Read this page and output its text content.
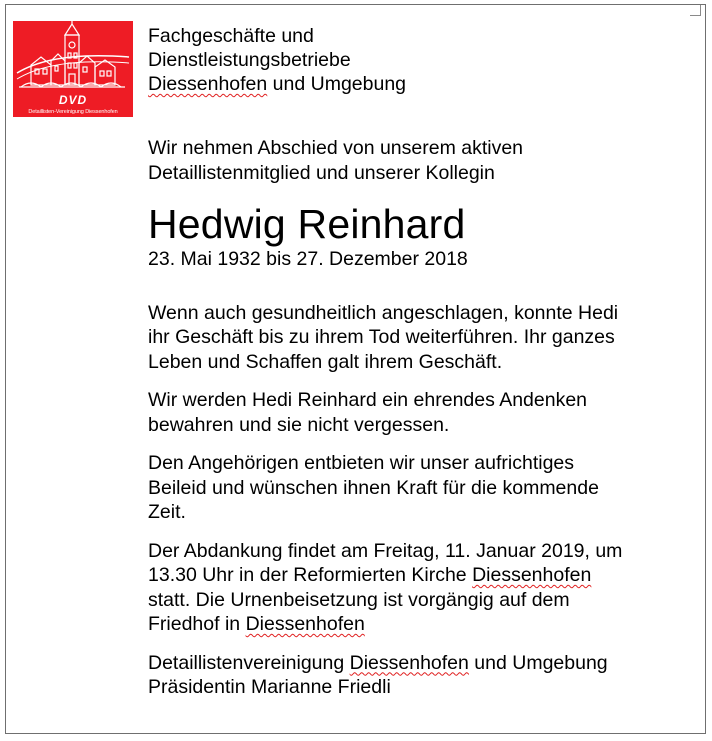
DVD
Detaillisten-Vereinigung Diessenhofen

Fachgeschäfte und

Dienstleistungsbetriebe

Diessenhofen und Umgebung

Wir nehmen Abschied von unserem aktiven

Detaillistenmitglied und unserer Kollegin

Hedwig Reinhard

23. Mai 1932 bis 27. Dezember 2018

Wenn auch gesundheitlich angeschlagen, konnte Hedi

ihr Geschäft bis zu ihrem Tod weiterführen. Ihr ganzes

Leben und Schaffen galt ihrem Geschäft.

Wir werden Hedi Reinhard ein ehrendes Andenken

bewahren und sie nicht vergessen.

Den Angehörigen entbieten wir unser aufrichtiges

Beileid und wünschen ihnen Kraft für die kommende

Zeit.

Der Abdankung findet am Freitag, 11. Januar 2019, um

13.30 Uhr in der Reformierten Kirche Diessenhofen

statt. Die Urnenbeisetzung ist vorgängig auf dem

Friedhof in Diessenhofen

Detaillistenvereinigung Diessenhofen und Umgebung

Präsidentin Marianne Friedli
